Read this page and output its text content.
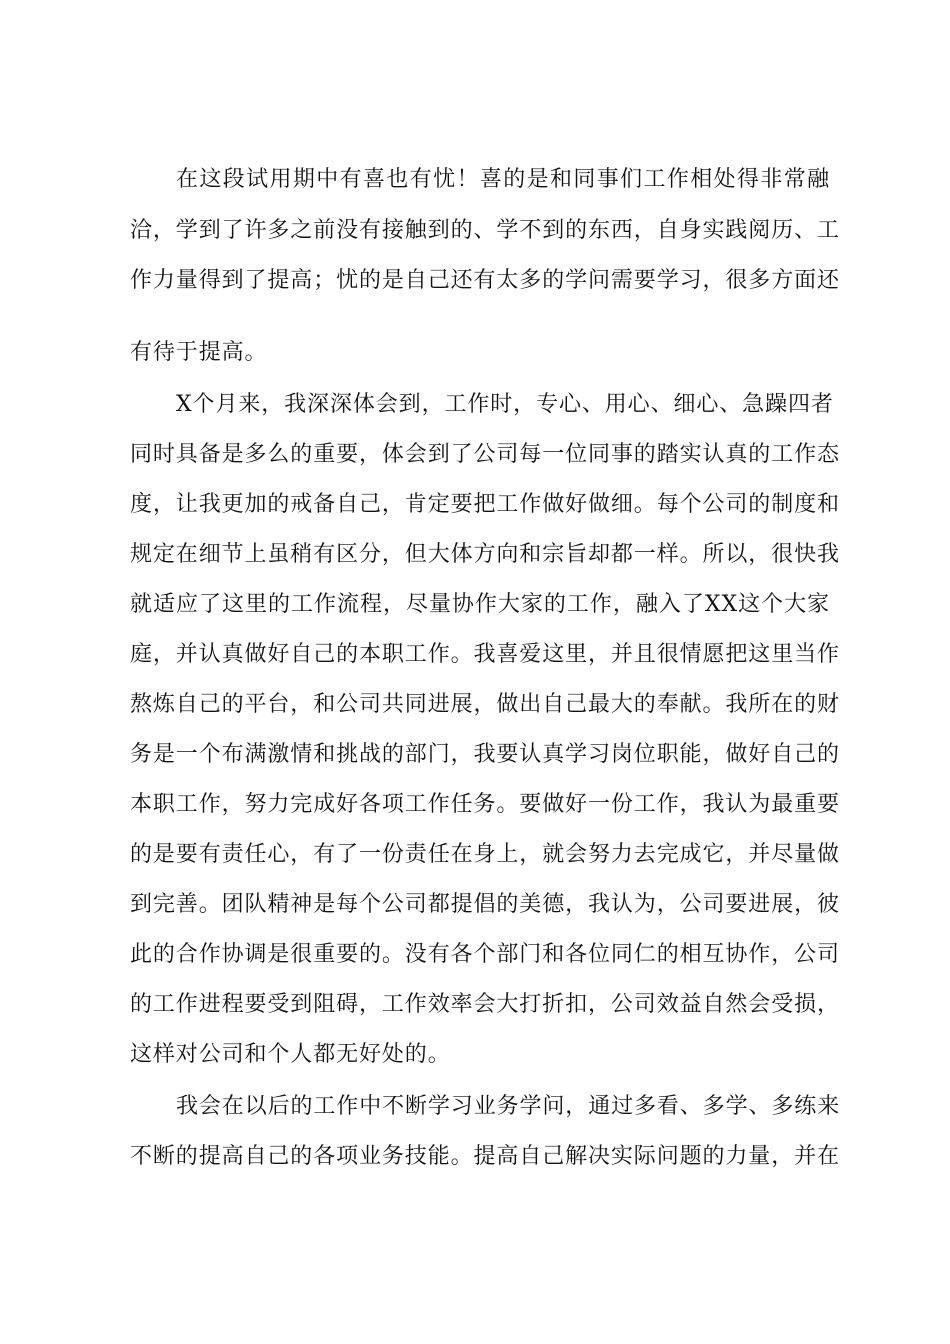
在这段试用期中有喜也有忧！喜的是和同事们工作相处得非常融
洽，学到了许多之前没有接触到的、学不到的东西，自身实践阅历、工
作力量得到了提高；忧的是自己还有太多的学问需要学习，很多方面还
有待于提高。
X个月来，我深深体会到，工作时，专心、用心、细心、急躁四者
同时具备是多么的重要，体会到了公司每一位同事的踏实认真的工作态
度，让我更加的戒备自己，肯定要把工作做好做细。每个公司的制度和
规定在细节上虽稍有区分，但大体方向和宗旨却都一样。所以，很快我
就适应了这里的工作流程，尽量协作大家的工作，融入了XX这个大家
庭，并认真做好自己的本职工作。我喜爱这里，并且很情愿把这里当作
熬炼自己的平台，和公司共同进展，做出自己最大的奉献。我所在的财
务是一个布满激情和挑战的部门，我要认真学习岗位职能，做好自己的
本职工作，努力完成好各项工作任务。要做好一份工作，我认为最重要
的是要有责任心，有了一份责任在身上，就会努力去完成它，并尽量做
到完善。团队精神是每个公司都提倡的美德，我认为，公司要进展，彼
此的合作协调是很重要的。没有各个部门和各位同仁的相互协作，公司
的工作进程要受到阻碍，工作效率会大打折扣，公司效益自然会受损，
这样对公司和个人都无好处的。
我会在以后的工作中不断学习业务学问，通过多看、多学、多练来
不断的提高自己的各项业务技能。提高自己解决实际问题的力量，并在
